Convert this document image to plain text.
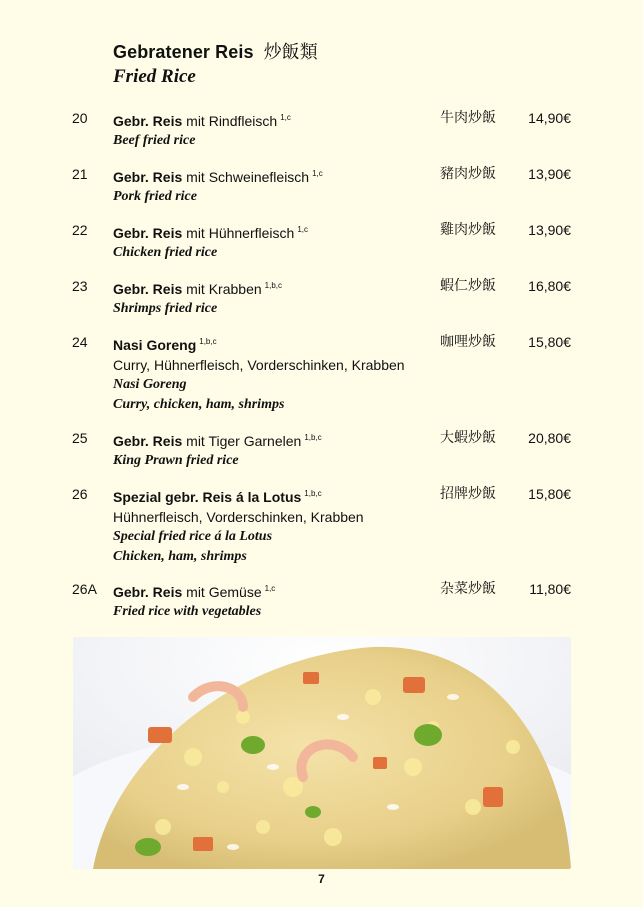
Gebratener Reis 炒飯類
Fried Rice
20 Gebr. Reis mit Rindfleisch $^{1,c}$
Beef fried rice
牛肉炒飯 14,90€
21 Gebr. Reis mit Schweinefleisch $^{1,c}$
Pork fried rice
豬肉炒飯 13,90€
22 Gebr. Reis mit Hühnerfleisch $^{1,c}$
Chicken fried rice
雞肉炒飯 13,90€
23 Gebr. Reis mit Krabben $^{1,b,c}$
Shrimps fried rice
蝦仁炒飯 16,80€
24 Nasi Goreng $^{1,b,c}$
Curry, Hühnerfleisch, Vorderschinken, Krabben
Nasi Goreng
Curry, chicken, ham, shrimps
咖哩炒飯 15,80€
25 Gebr. Reis mit Tiger Garnelen $^{1,b,c}$
King Prawn fried rice
大蝦炒飯 20,80€
26 Spezial gebr. Reis á la Lotus $^{1,b,c}$
Hühnerfleisch, Vorderschinken, Krabben
Special fried rice á la Lotus
Chicken, ham, shrimps
招牌炒飯 15,80€
26A Gebr. Reis mit Gemüse $^{1,c}$
Fried rice with vegetables
杂菜炒飯 11,80€
7
